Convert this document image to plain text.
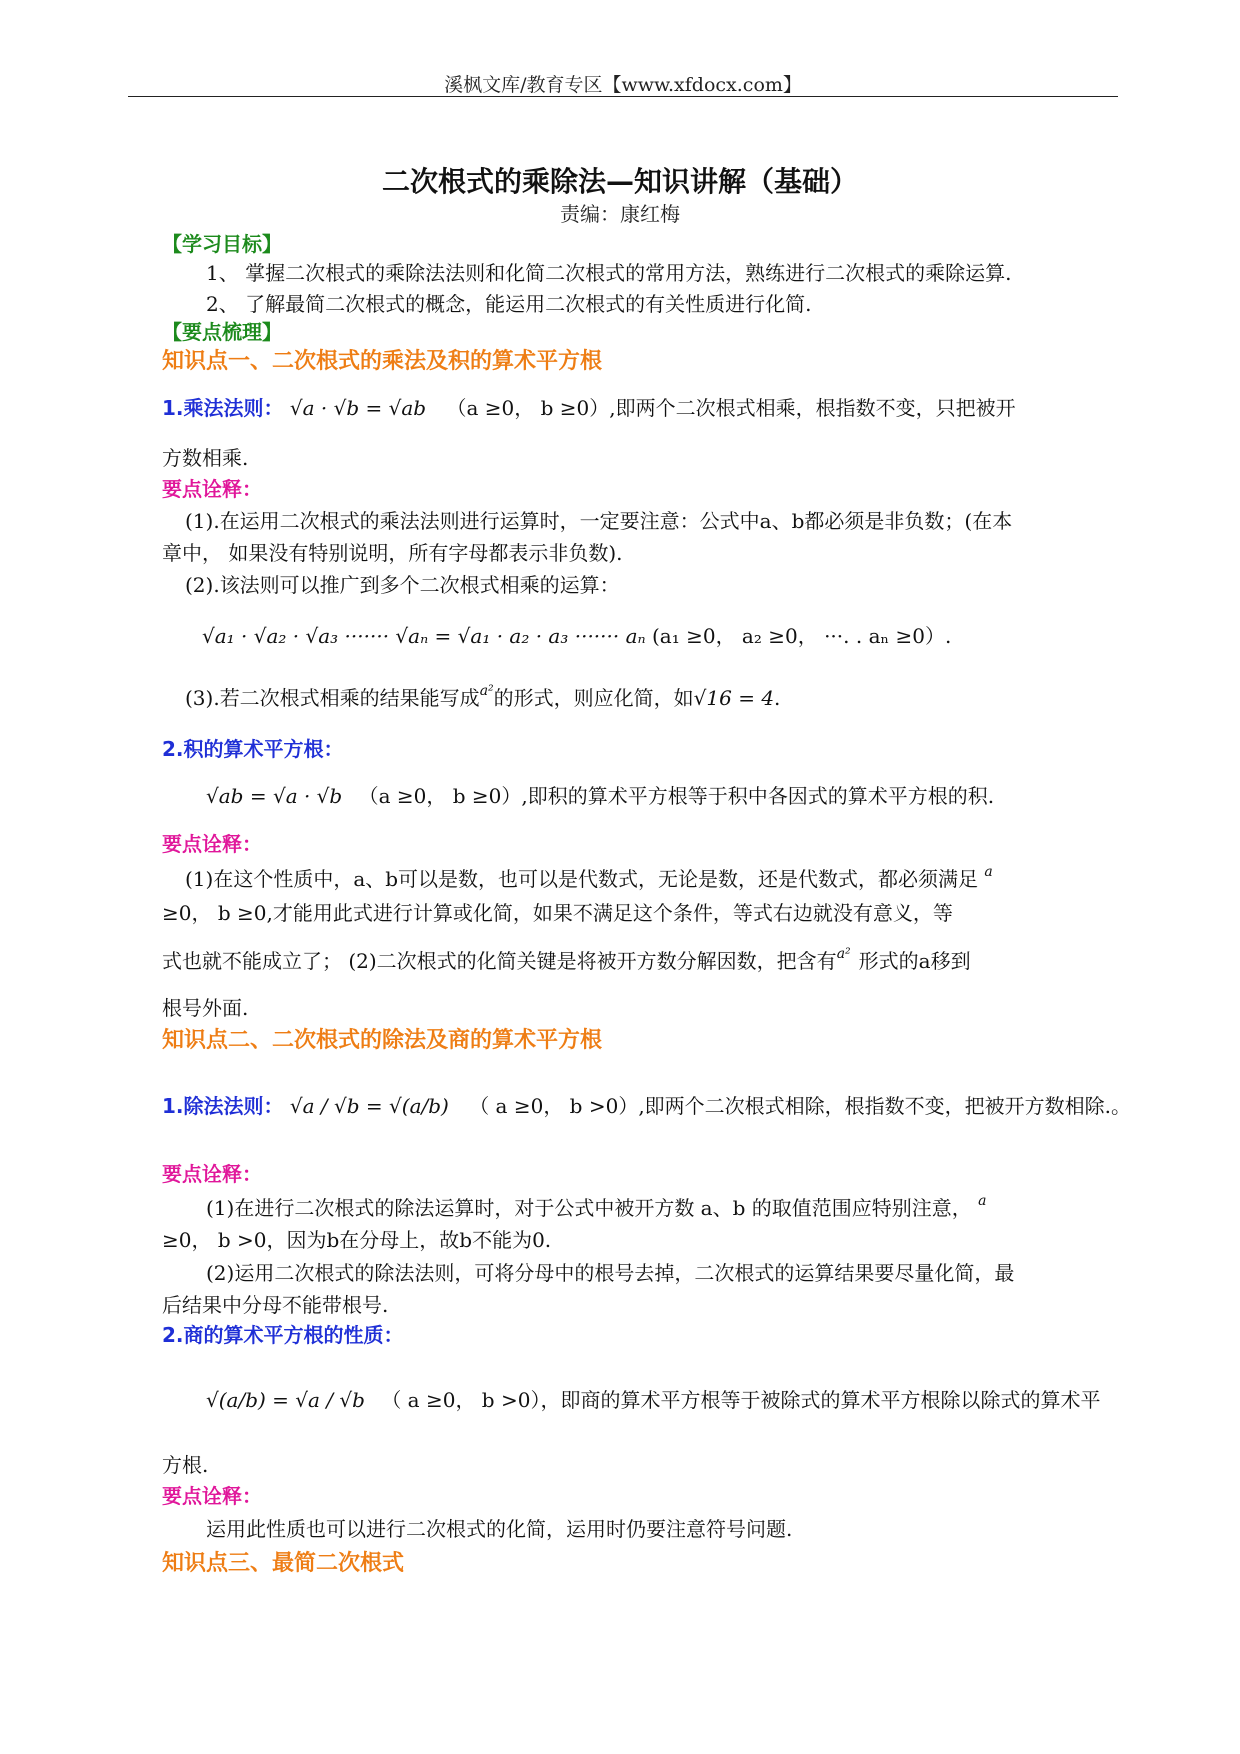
溪枫文库/教育专区【www.xfdocx.com】
二次根式的乘除法—知识讲解（基础）
责编：康红梅
【学习目标】
1、 掌握二次根式的乘除法法则和化简二次根式的常用方法，熟练进行二次根式的乘除运算.
2、 了解最简二次根式的概念，能运用二次根式的有关性质进行化简.
【要点梳理】
知识点一、二次根式的乘法及积的算术平方根
1.乘法法则： √a · √b = √ab （a ≥0， b ≥0）,即两个二次根式相乘，根指数不变，只把被开
方数相乘.
要点诠释：
(1).在运用二次根式的乘法法则进行运算时，一定要注意：公式中a、b都必须是非负数；(在本
章中， 如果没有特别说明，所有字母都表示非负数).
(2).该法则可以推广到多个二次根式相乘的运算：
√a₁ · √a₂ · √a₃ ······· √aₙ = √a₁ · a₂ · a₃ ······· aₙ (a₁ ≥0， a₂ ≥0， ···. . aₙ ≥0）.
(3).若二次根式相乘的结果能写成$^{a^2}$的形式，则应化简，如√16 = 4.
2.积的算术平方根：
√ab = √a · √b （a ≥0， b ≥0）,即积的算术平方根等于积中各因式的算术平方根的积.
要点诠释：
(1)在这个性质中，a、b可以是数，也可以是代数式，无论是数，还是代数式，都必须满足 $^a$
≥0， b ≥0,才能用此式进行计算或化简，如果不满足这个条件，等式右边就没有意义，等
式也就不能成立了； (2)二次根式的化简关键是将被开方数分解因数，把含有$^{a^2}$ 形式的a移到
根号外面.
知识点二、二次根式的除法及商的算术平方根
1.除法法则： √a / √b = √(a/b) （ a ≥0， b >0）,即两个二次根式相除，根指数不变，把被开方数相除.。
要点诠释：
(1)在进行二次根式的除法运算时，对于公式中被开方数 a、b 的取值范围应特别注意， $^a$
≥0， b >0，因为b在分母上，故b不能为0.
(2)运用二次根式的除法法则，可将分母中的根号去掉，二次根式的运算结果要尽量化简，最
后结果中分母不能带根号.
2.商的算术平方根的性质：
√(a/b) = √a / √b （ a ≥0， b >0），即商的算术平方根等于被除式的算术平方根除以除式的算术平
方根.
要点诠释：
运用此性质也可以进行二次根式的化简，运用时仍要注意符号问题.
知识点三、最简二次根式
